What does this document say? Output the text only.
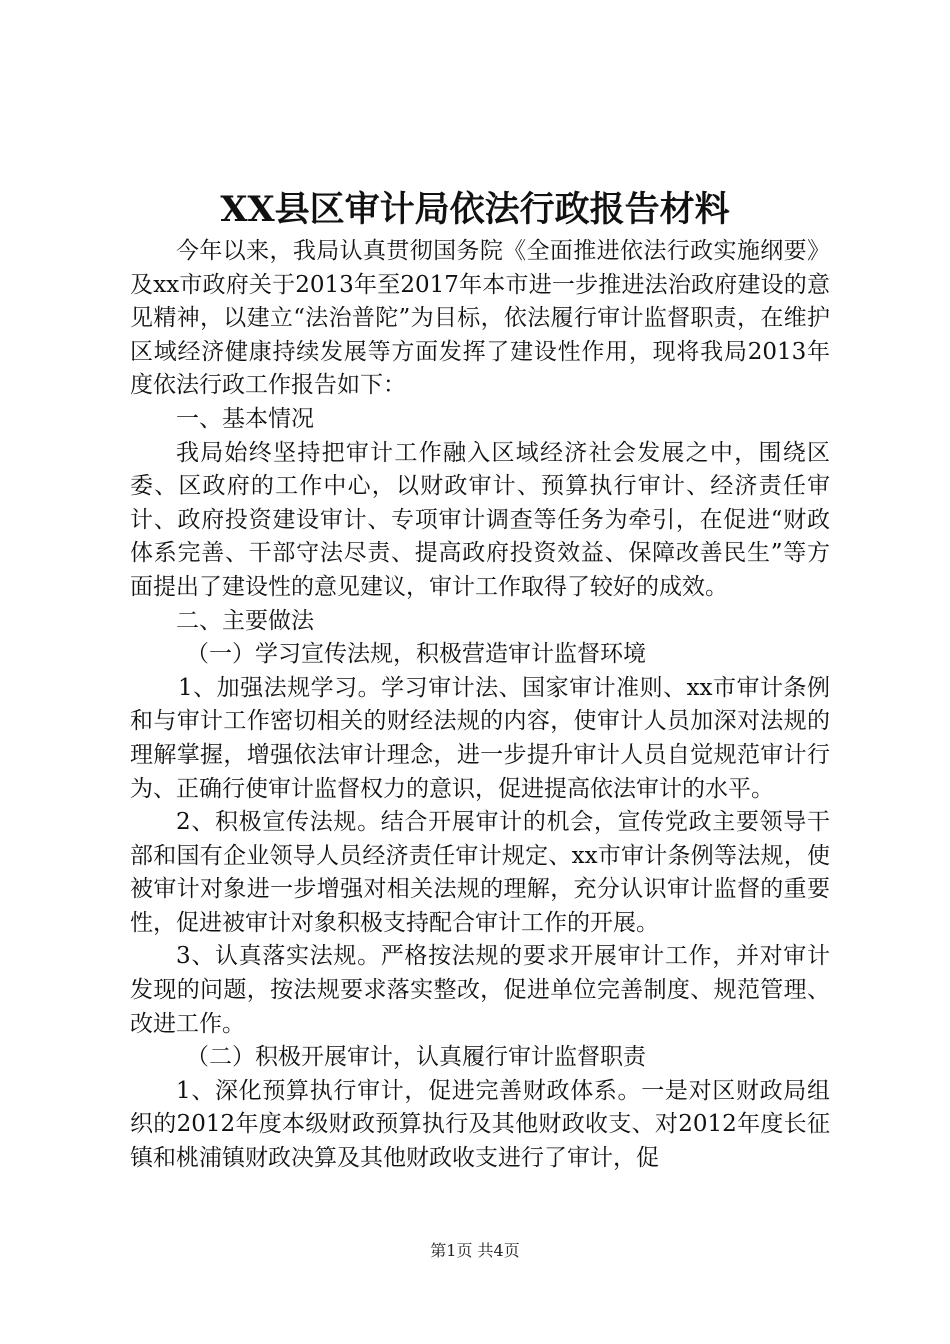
XX县区审计局依法行政报告材料

今年以来，我局认真贯彻国务院《全面推进依法行政实施纲要》及xx市政府关于2013年至2017年本市进一步推进法治政府建设的意见精神，以建立“法治普陀”为目标，依法履行审计监督职责，在维护区域经济健康持续发展等方面发挥了建设性作用，现将我局2013年度依法行政工作报告如下：

一、基本情况

我局始终坚持把审计工作融入区域经济社会发展之中，围绕区委、区政府的工作中心，以财政审计、预算执行审计、经济责任审计、政府投资建设审计、专项审计调查等任务为牵引，在促进“财政体系完善、干部守法尽责、提高政府投资效益、保障改善民生”等方面提出了建设性的意见建议，审计工作取得了较好的成效。

二、主要做法

（一）学习宣传法规，积极营造审计监督环境

1、加强法规学习。学习审计法、国家审计准则、xx市审计条例和与审计工作密切相关的财经法规的内容，使审计人员加深对法规的理解掌握，增强依法审计理念，进一步提升审计人员自觉规范审计行为、正确行使审计监督权力的意识，促进提高依法审计的水平。

2、积极宣传法规。结合开展审计的机会，宣传党政主要领导干部和国有企业领导人员经济责任审计规定、xx市审计条例等法规，使被审计对象进一步增强对相关法规的理解，充分认识审计监督的重要性，促进被审计对象积极支持配合审计工作的开展。

3、认真落实法规。严格按法规的要求开展审计工作，并对审计发现的问题，按法规要求落实整改，促进单位完善制度、规范管理、改进工作。

（二）积极开展审计，认真履行审计监督职责

1、深化预算执行审计，促进完善财政体系。一是对区财政局组织的2012年度本级财政预算执行及其他财政收支、对2012年度长征镇和桃浦镇财政决算及其他财政收支进行了审计，促

第1页 共4页
